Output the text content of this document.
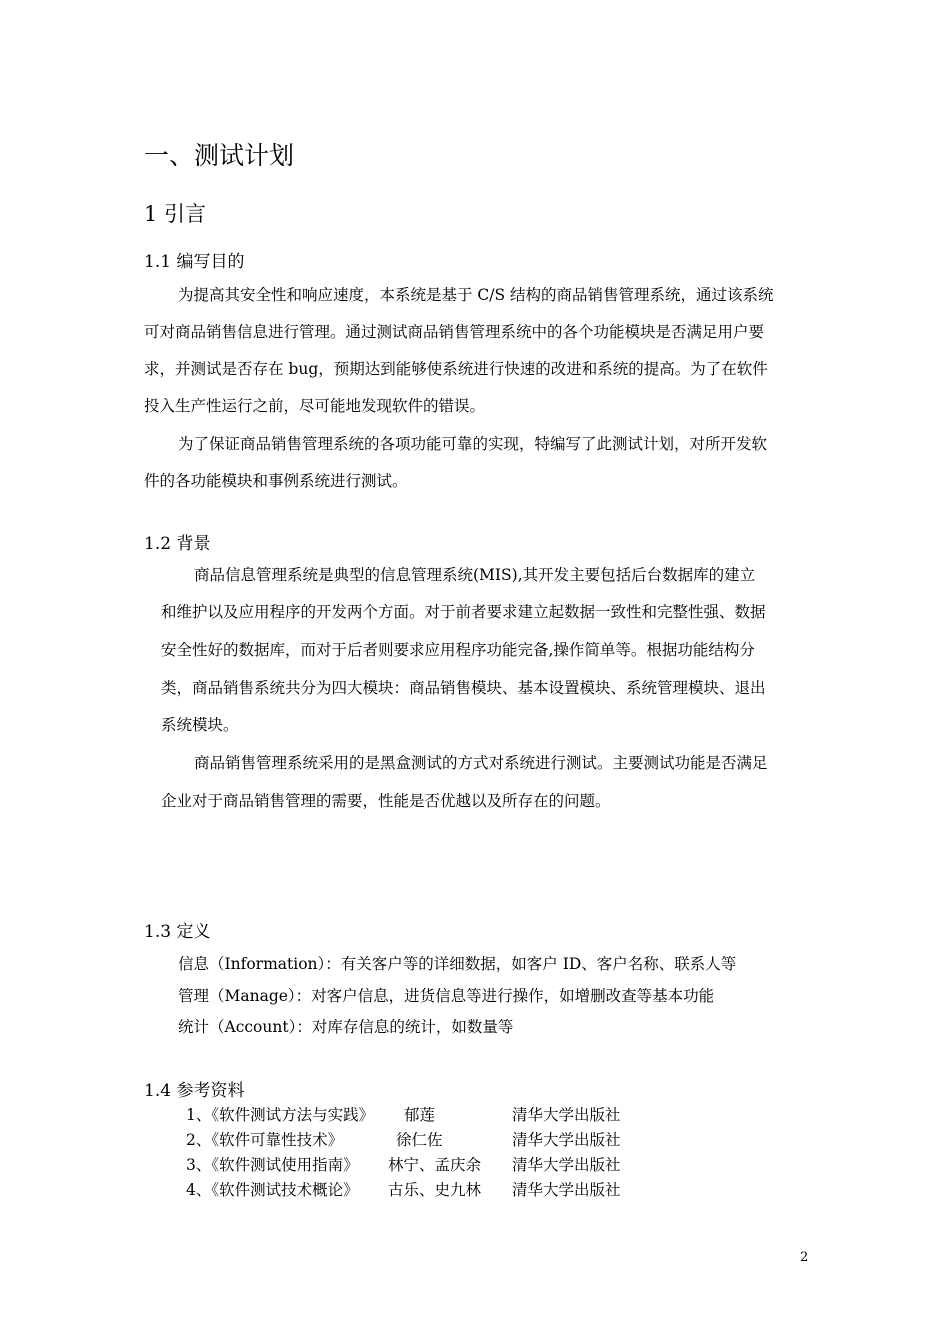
一、测试计划
1 引言
1.1 编写目的
为提高其安全性和响应速度，本系统是基于 C/S 结构的商品销售管理系统，通过该系统
可对商品销售信息进行管理。通过测试商品销售管理系统中的各个功能模块是否满足用户要
求，并测试是否存在 bug，预期达到能够使系统进行快速的改进和系统的提高。为了在软件
投入生产性运行之前，尽可能地发现软件的错误。
为了保证商品销售管理系统的各项功能可靠的实现，特编写了此测试计划，对所开发软
件的各功能模块和事例系统进行测试。
1.2 背景
商品信息管理系统是典型的信息管理系统(MIS),其开发主要包括后台数据库的建立
和维护以及应用程序的开发两个方面。对于前者要求建立起数据一致性和完整性强、数据
安全性好的数据库，而对于后者则要求应用程序功能完备,操作简单等。根据功能结构分
类，商品销售系统共分为四大模块：商品销售模块、基本设置模块、系统管理模块、退出
系统模块。
商品销售管理系统采用的是黑盒测试的方式对系统进行测试。主要测试功能是否满足
企业对于商品销售管理的需要，性能是否优越以及所存在的问题。
1.3 定义
信息（Information）：有关客户等的详细数据，如客户 ID、客户名称、联系人等
管理（Manage）：对客户信息，进货信息等进行操作，如增删改查等基本功能
统计（Account）：对库存信息的统计，如数量等
1.4 参考资料
1、《软件测试方法与实践》 郁莲	清华大学出版社
2、《软件可靠性技术》	徐仁佐	清华大学出版社
3、《软件测试使用指南》 林宁、孟庆余 清华大学出版社
4、《软件测试技术概论》 古乐、史九林 清华大学出版社
2
